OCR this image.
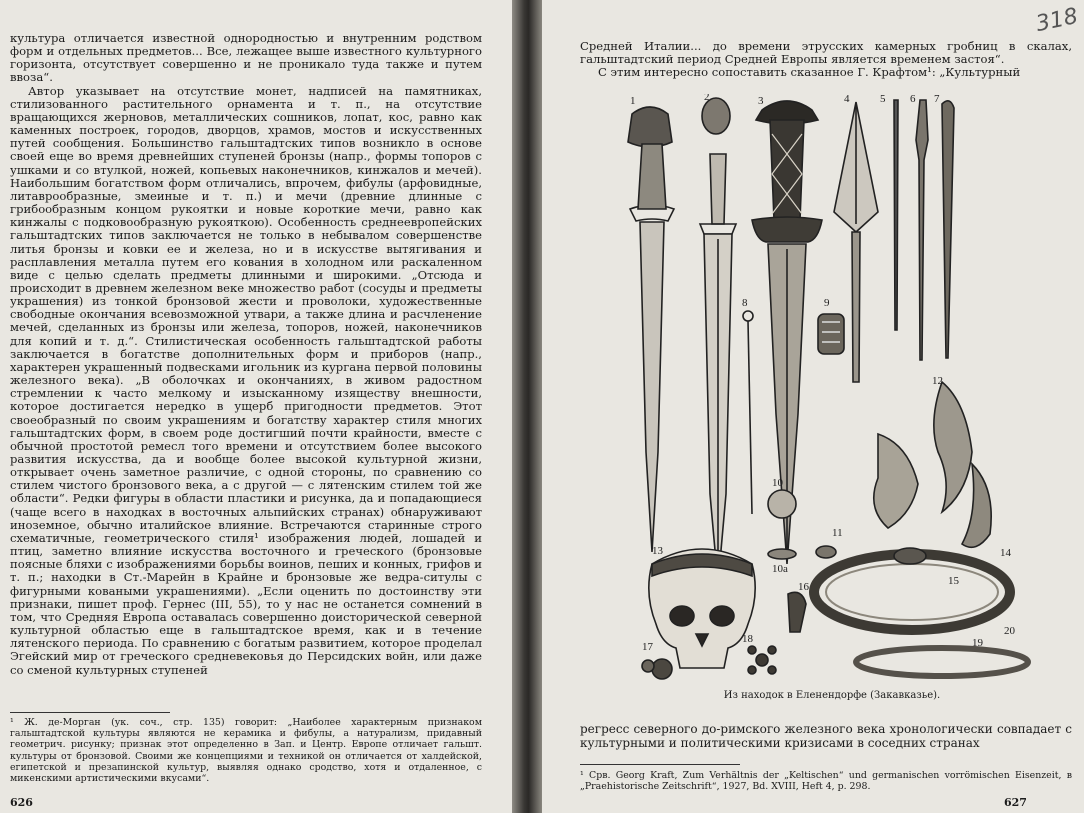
культура отличается известной однородностью и внутренним родством форм и отдельных предметов... Все, лежащее выше известного культурного горизонта, отсутствует совершенно и не проникало туда также и путем ввоза“.

Автор указывает на отсутствие монет, надписей на памятниках, стилизованного растительного орнамента и т. п., на отсутствие вращающихся жерновов, металлических сошников, лопат, кос, равно как каменных построек, городов, дворцов, храмов, мостов и искусственных путей сообщения. Большинство гальштадтских типов возникло в основе своей еще во время древнейших ступеней бронзы (напр., формы топоров с ушками и со втулкой, ножей, копьевых наконечников, кинжалов и мечей). Наибольшим богатством форм отличались, впрочем, фибулы (арфовидные, литаврообразные, змеиные и т. п.) и мечи (древние длинные с грибообразным концом рукоятки и новые короткие мечи, равно как кинжалы с подковообразную рукояткою). Особенность среднеевропейских гальштадтских типов заключается не только в небывалом совершенстве литья бронзы и ковки ее и железа, но и в искусстве вытягивания и расплавления металла путем его кования в холодном или раскаленном виде с целью сделать предметы длинными и широкими. „Отсюда и происходит в древнем железном веке множество работ (сосуды и предметы украшения) из тонкой бронзовой жести и проволоки, художественные свободные окончания всевозможной утвари, а также длина и расчленение мечей, сделанных из бронзы или железа, топоров, ножей, наконечников для копий и т. д.“. Стилистическая особенность гальштадтской работы заключается в богатстве дополнительных форм и приборов (напр., характерен украшенный подвесками игольник из кургана первой половины железного века). „В оболочках и окончаниях, в живом радостном стремлении к часто мелкому и изысканному изяществу внешности, которое достигается нередко в ущерб пригодности предметов. Этот своеобразный по своим украшениям и богатству характер стиля многих гальштадтских форм, в своем роде достигший почти крайности, вместе с обычной простотой ремесл того времени и отсутствием более высокого развития искусства, да и вообще более высокой культурной жизни, открывает очень заметное различие, с одной стороны, по сравнению со стилем чистого бронзового века, а с другой — с лятенским стилем той же области“. Редки фигуры в области пластики и рисунка, да и попадающиеся (чаще всего в находках в восточных альпийских странах) обнаруживают иноземное, обычно италийское влияние. Встречаются старинные строго схематичные, геометрического стиля¹ изображения людей, лошадей и птиц, заметно влияние искусства восточного и греческого (бронзовые поясные бляхи с изображениями борьбы воинов, пеших и конных, грифов и т. п.; находки в Ст.-Марейн в Крайне и бронзовые же ведра-ситулы с фигурными коваными украшениями). „Если оценить по достоинству эти признаки, пишет проф. Гернес (III, 55), то у нас не останется сомнений в том, что Средняя Европа оставалась совершенно доисторической северной культурной областью еще в гальштадтское время, как и в течение лятенского периода. По сравнению с богатым развитием, которое проделал Эгейский мир от греческого средневековья до Персидских войн, или даже со сменой культурных ступеней

¹ Ж. де-Морган (ук. соч., стр. 135) говорит: „Наиболее характерным признаком гальштадтской культуры являются не керамика и фибулы, а натурализм, придавный геометрич. рисунку; признак этот определенно в Зап. и Центр. Европе отличает гальшт. культуры от бронзовой. Своими же концепциями и техникой он отличается от халдейской, египетской и презапинской культур, выявляя однако сродство, хотя и отдаленное, с микенскими артистическими вкусами“.
626
318

Средней Италии... до времени этрусских камерных гробниц в скалах, гальштадтский период Средней Европы является временем застоя“.

С этим интересно сопоставить сказанное Г. Крафтом¹: „Культурный

1	2	3	4	5 6 7
8	9
10
10a
11
12
13	14
15
16
17
18	19
20
Из находок в Еленендорфе (Закавказье).
регресс северного до-римского железного века хронологически совпадает с культурными и политическими кризисами в соседних странах
¹ Срв. Georg Kraft, Zum Verhältnis der „Keltischen“ und germanischen vorrömischen Eisenzeit, в „Praehistorische Zeitschrift“, 1927, Bd. XVIII, Heft 4, p. 298.
627
